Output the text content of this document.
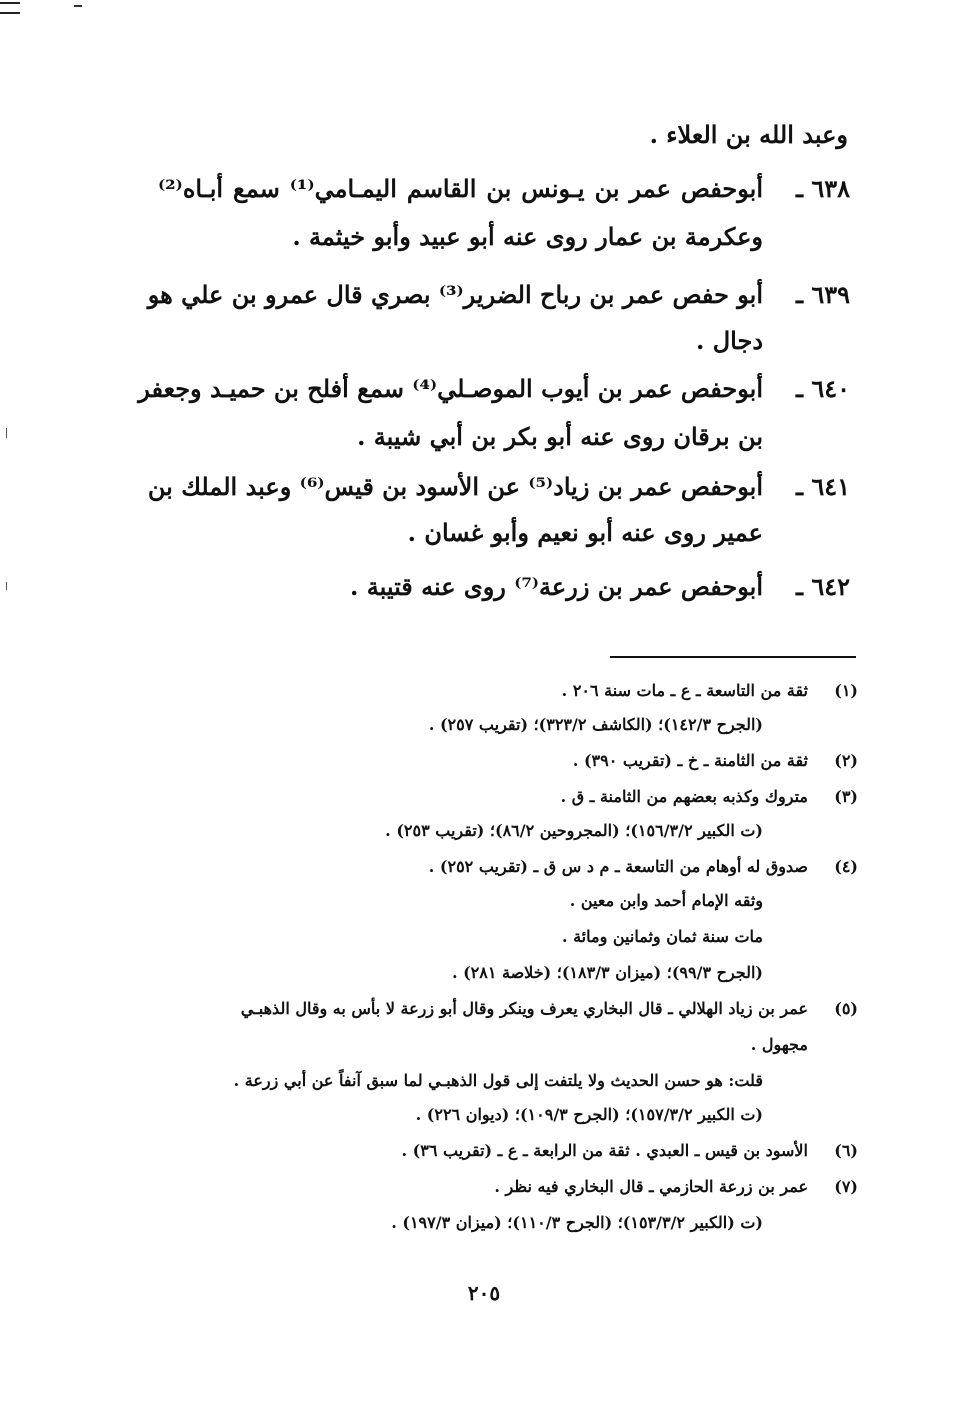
وعبد الله بن العلاء .
٦٣٨ ـ
أبوحفص عمر بن يـونس بن القاسم اليمـامي⁽¹⁾ سمع أبـاه⁽²⁾
وعكرمة بن عمار روى عنه أبو عبيد وأبو خيثمة .
٦٣٩ ـ
أبو حفص عمر بن رباح الضرير⁽³⁾ بصري قال عمرو بن علي هو
دجال .
٦٤٠ ـ
أبوحفص عمر بن أيوب الموصـلي⁽⁴⁾ سمع أفلح بن حميـد وجعفر
بن برقان روى عنه أبو بكر بن أبي شيبة .
٦٤١ ـ
أبوحفص عمر بن زياد⁽⁵⁾ عن الأسود بن قيس⁽⁶⁾ وعبد الملك بن
عمير روى عنه أبو نعيم وأبو غسان .
٦٤٢ ـ
أبوحفص عمر بن زرعة⁽⁷⁾ روى عنه قتيبة .
(١)
ثقة من التاسعة ـ ع ـ مات سنة ٢٠٦ .
(الجرح ١٤٢/٣)؛ (الكاشف ٣٢٣/٢)؛ (تقريب ٢٥٧) .
(٢)
ثقة من الثامنة ـ خ ـ (تقريب ٣٩٠) .
(٣)
متروك وكذبه بعضهم من الثامنة ـ ق .
(ت الكبير ١٥٦/٣/٢)؛ (المجروحين ٨٦/٢)؛ (تقريب ٢٥٣) .
(٤)
صدوق له أوهام من التاسعة ـ م د س ق ـ (تقريب ٢٥٢) .
وثقه الإمام أحمد وابن معين .
مات سنة ثمان وثمانين ومائة .
(الجرح ٩٩/٣)؛ (ميزان ١٨٣/٣)؛ (خلاصة ٢٨١) .
(٥)
عمر بن زياد الهلالي ـ قال البخاري يعرف وينكر وقال أبو زرعة لا بأس به وقال الذهبـي
مجهول .
قلت: هو حسن الحديث ولا يلتفت إلى قول الذهبـي لما سبق آنفاً عن أبي زرعة .
(ت الكبير ١٥٧/٣/٢)؛ (الجرح ١٠٩/٣)؛ (ديوان ٢٢٦) .
(٦)
الأسود بن قيس ـ العبدي . ثقة من الرابعة ـ ع ـ (تقريب ٣٦) .
(٧)
عمر بن زرعة الحازمي ـ قال البخاري فيه نظر .
(ت (الكبير ١٥٣/٣/٢)؛ (الجرح ١١٠/٣)؛ (ميزان ١٩٧/٣) .
٢٠٥
